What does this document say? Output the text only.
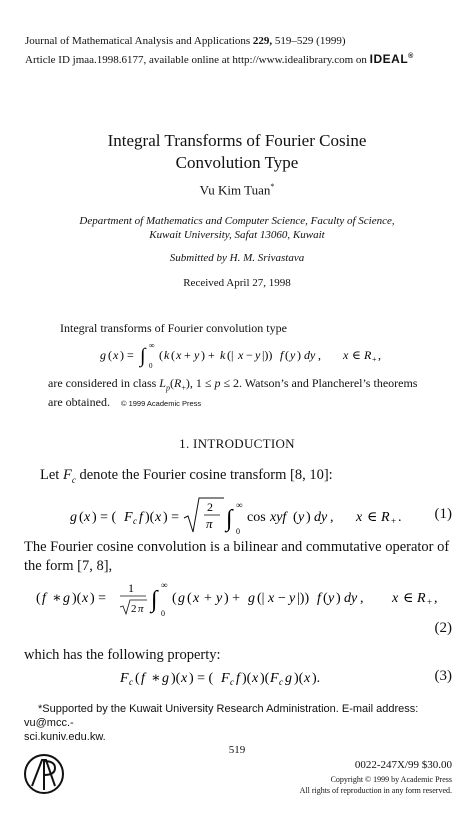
Journal of Mathematical Analysis and Applications 229, 519–529 (1999)
Article ID jmaa.1998.6177, available online at http://www.idealibrary.com on IDEAL®
Integral Transforms of Fourier Cosine
Convolution Type
Vu Kim Tuan*
Department of Mathematics and Computer Science, Faculty of Science,
Kuwait University, Safat 13060, Kuwait
Submitted by H. M. Srivastava
Received April 27, 1998
Integral transforms of Fourier convolution type
g ( x ) = ∫ 0
∞
( k ( x + y ) + k (| x − y |)) f ( y ) dy , x ∈ R + ,
are considered in class $L_p(R_+)$, 1 ≤ p ≤ 2. Watson’s and Plancherel’s theorems
are obtained. © 1999 Academic Press
1. INTRODUCTION
Let $F_c$ denote the Fourier cosine transform [8, 10]:
g ( x ) = ( F c f )( x ) =
2
π ∫ 0
∞
cos xyf ( y ) dy , x ∈ R + . (1)
The Fourier cosine convolution is a bilinear and commutative operator of
the form [7, 8],
( f ∗ g )( x ) =
1
2 π ∫
0
∞
( g ( x + y ) + g (| x − y |)) f ( y ) dy , x ∈ R + ,
(2)
which has the following property:
F c ( f ∗ g )( x ) = ( F c f )( x )( F c g )( x ).	(3)
*Supported by the Kuwait University Research Administration. E-mail address: vu@mcc.-
sci.kuniv.edu.kw.
519
0022-247X/99 $30.00
Copyright © 1999 by Academic Press
All rights of reproduction in any form reserved.
